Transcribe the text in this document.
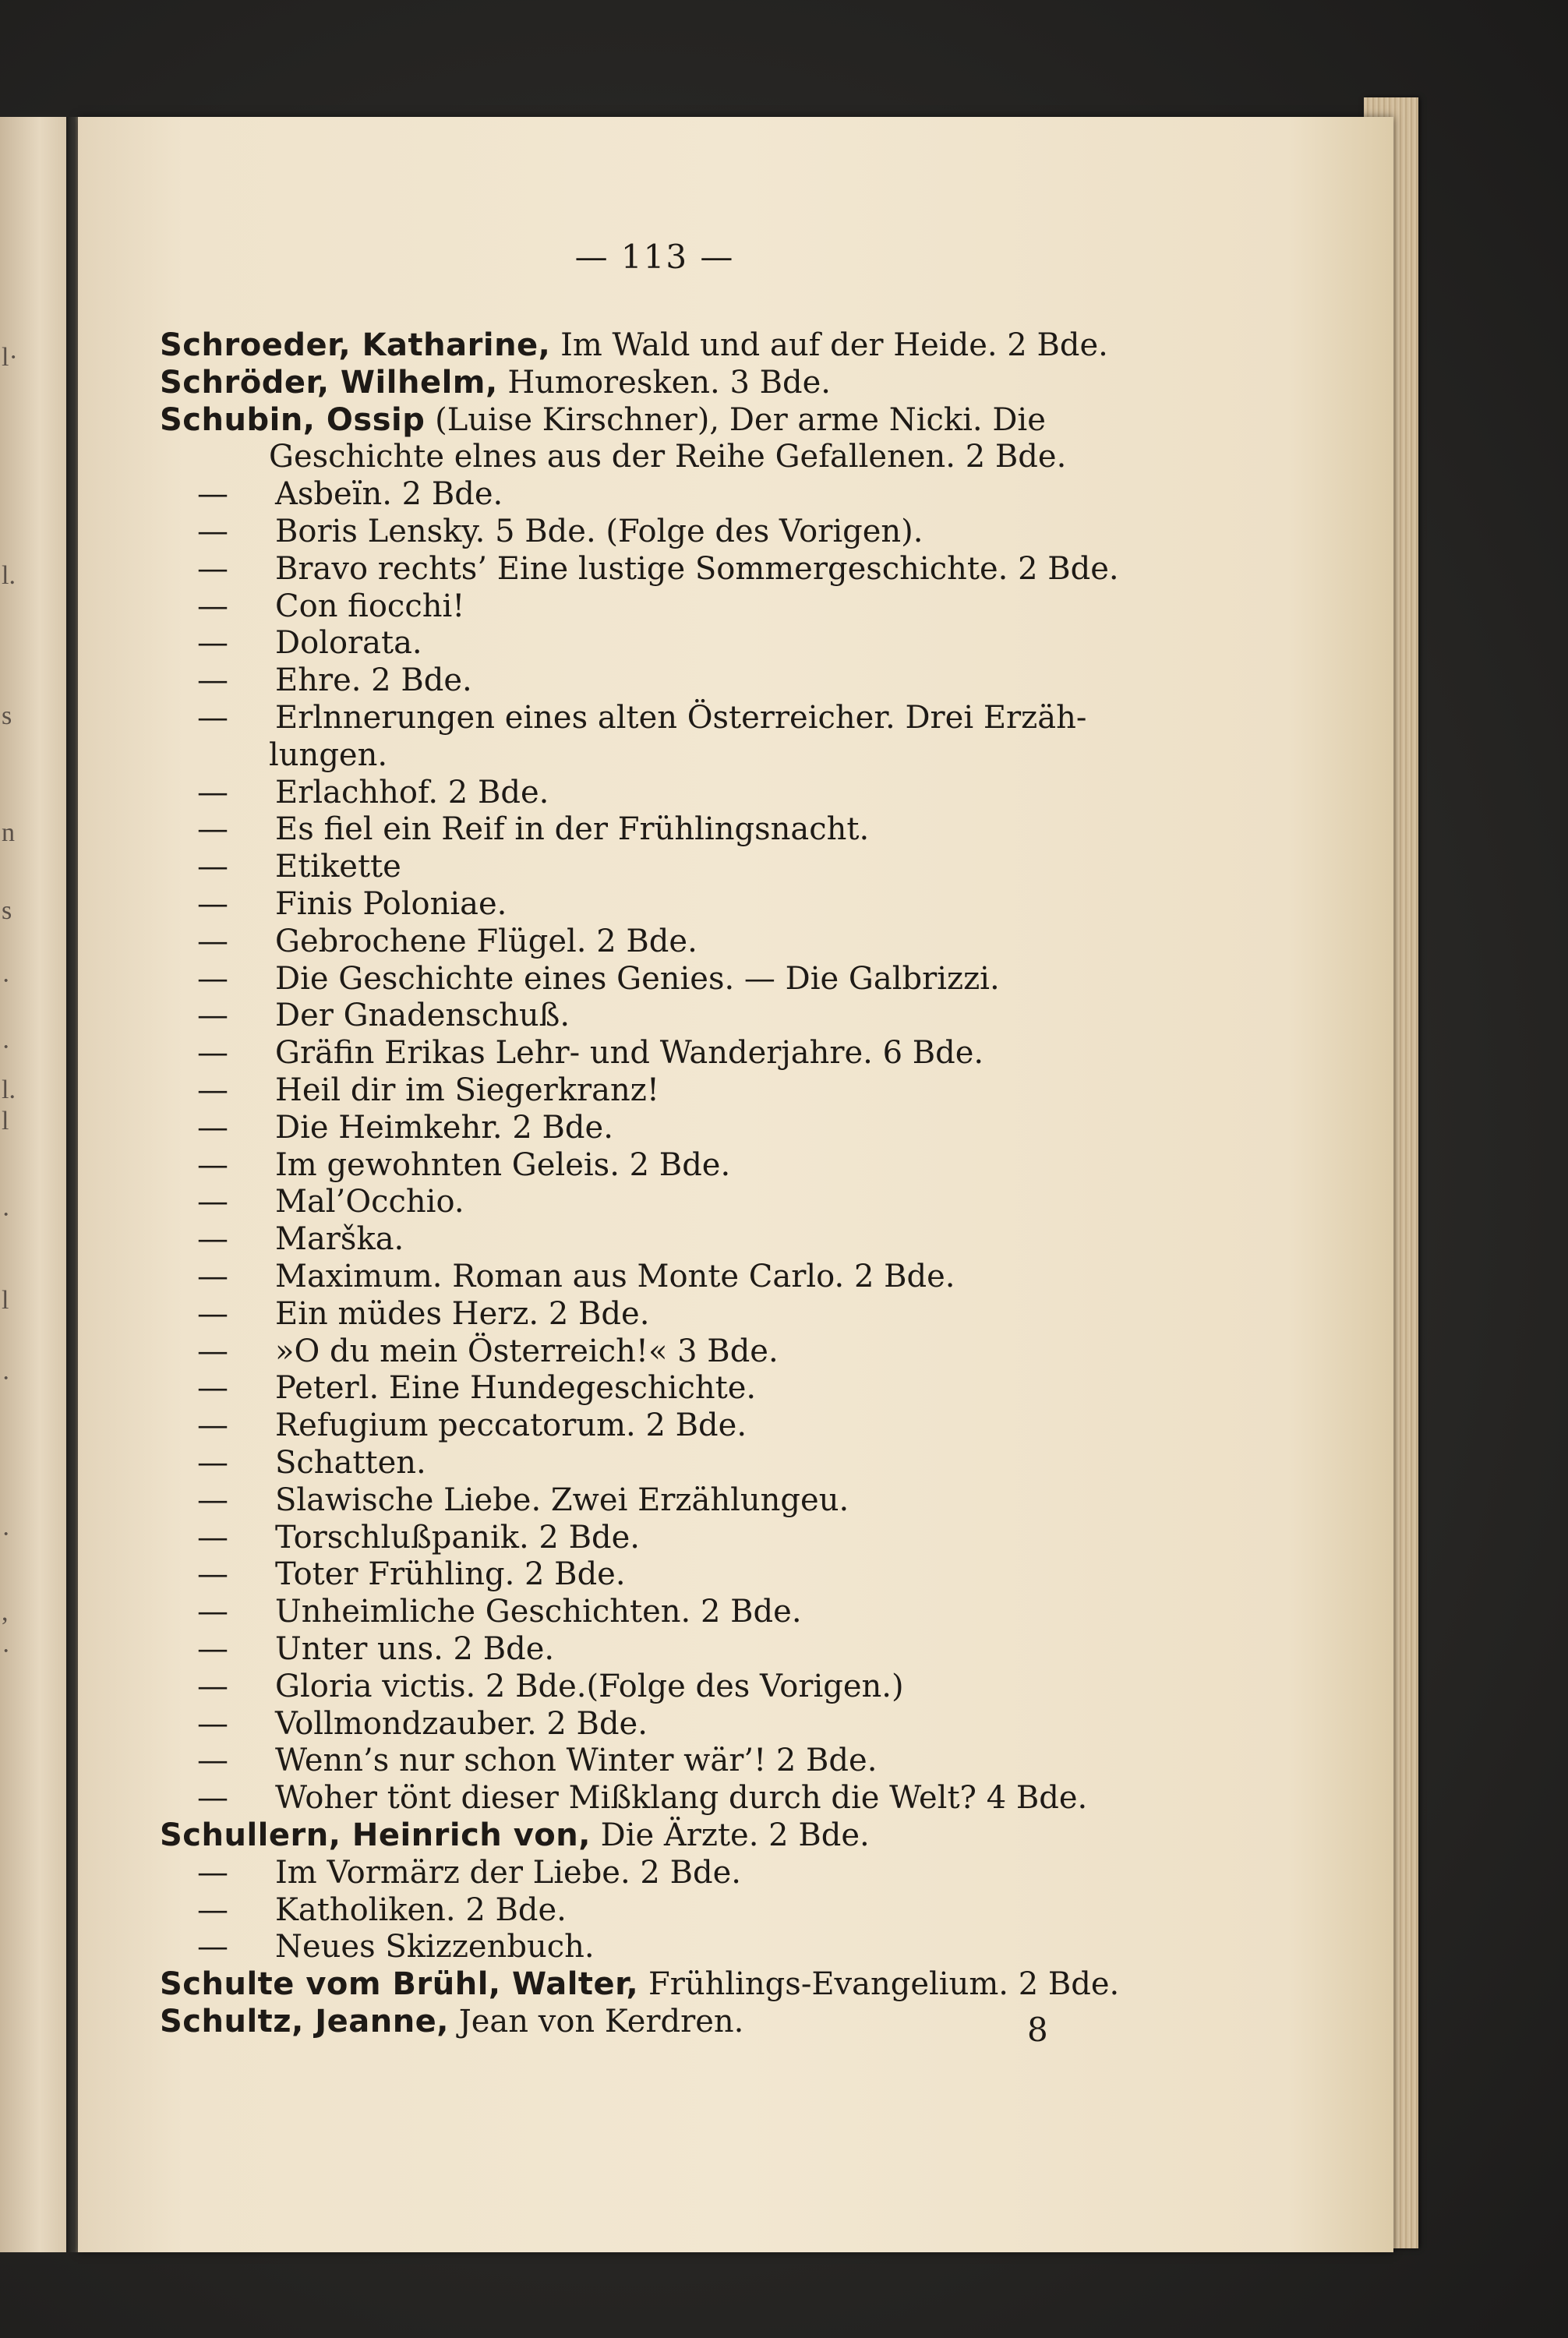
l·
l.
s
n
s
·
·
l.
l
·
l
·
·
,
·
— 113 —
Schroeder, Katharine, Im Wald und auf der Heide. 2 Bde.
Schröder, Wilhelm, Humoresken. 3 Bde.
Schubin, Ossip (Luise Kirschner), Der arme Nicki. Die
Geschichte elnes aus der Reihe Gefallenen. 2 Bde.
— Asbeïn. 2 Bde.
— Boris Lensky. 5 Bde. (Folge des Vorigen).
— Bravo rechts’ Eine lustige Sommergeschichte. 2 Bde.
— Con fiocchi!
— Dolorata.
— Ehre. 2 Bde.
— Erlnnerungen eines alten Österreicher. Drei Erzäh-
lungen.
— Erlachhof. 2 Bde.
— Es fiel ein Reif in der Frühlingsnacht.
— Etikette
— Finis Poloniae.
— Gebrochene Flügel. 2 Bde.
— Die Geschichte eines Genies. — Die Galbrizzi.
— Der Gnadenschuß.
— Gräfin Erikas Lehr- und Wanderjahre. 6 Bde.
— Heil dir im Siegerkranz!
— Die Heimkehr. 2 Bde.
— Im gewohnten Geleis. 2 Bde.
— Mal’Occhio.
— Marška.
— Maximum. Roman aus Monte Carlo. 2 Bde.
— Ein müdes Herz. 2 Bde.
— »O du mein Österreich!« 3 Bde.
— Peterl. Eine Hundegeschichte.
— Refugium peccatorum. 2 Bde.
— Schatten.
— Slawische Liebe. Zwei Erzählungeu.
— Torschlußpanik. 2 Bde.
— Toter Frühling. 2 Bde.
— Unheimliche Geschichten. 2 Bde.
— Unter uns. 2 Bde.
— Gloria victis. 2 Bde.(Folge des Vorigen.)
— Vollmondzauber. 2 Bde.
— Wenn’s nur schon Winter wär’! 2 Bde.
— Woher tönt dieser Mißklang durch die Welt? 4 Bde.
Schullern, Heinrich von, Die Ärzte. 2 Bde.
— Im Vormärz der Liebe. 2 Bde.
— Katholiken. 2 Bde.
— Neues Skizzenbuch.
Schulte vom Brühl, Walter, Frühlings-Evangelium. 2 Bde.
Schultz, Jeanne, Jean von Kerdren.	8
